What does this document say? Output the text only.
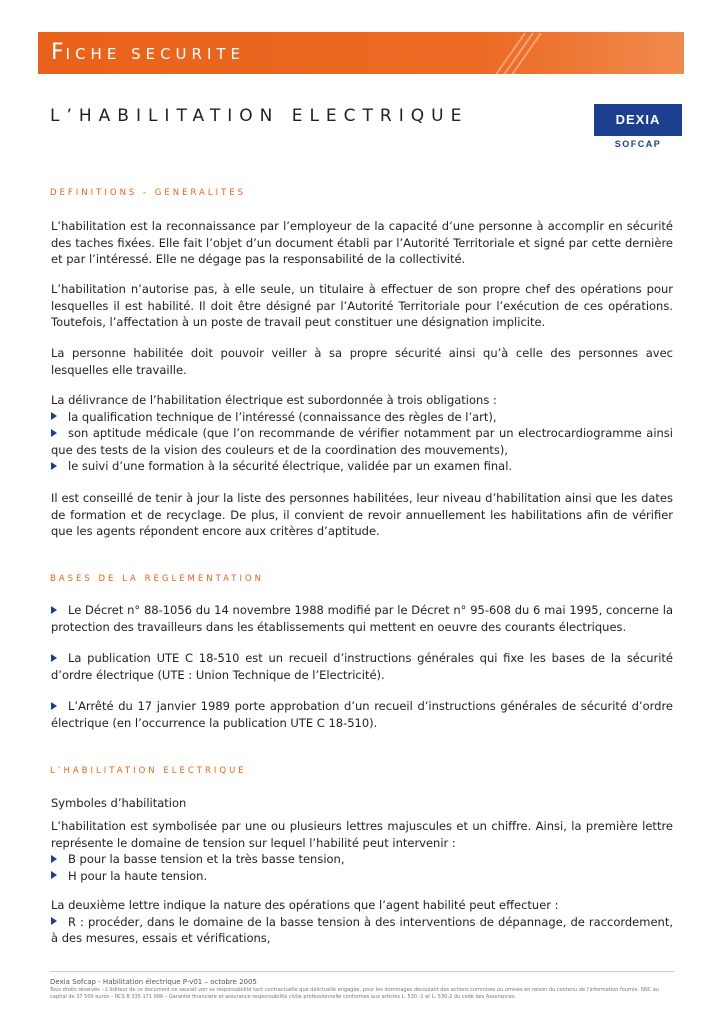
FICHE SECURITE
L’HABILITATION ELECTRIQUE	DEXIA
SOFCAP
DEFINITIONS - GENERALITES

L’habilitation est la reconnaissance par l’employeur de la capacité d’une personne à accomplir en sécurité des taches fixées. Elle fait l’objet d’un document établi par l’Autorité Territoriale et signé par cette dernière et par l’intéressé. Elle ne dégage pas la responsabilité de la collectivité.

L’habilitation n’autorise pas, à elle seule, un titulaire à effectuer de son propre chef des opérations pour lesquelles il est habilité. Il doit être désigné par l’Autorité Territoriale pour l’exécution de ces opérations. Toutefois, l’affectation à un poste de travail peut constituer une désignation implicite.

La personne habilitée doit pouvoir veiller à sa propre sécurité ainsi qu’à celle des personnes avec lesquelles elle travaille.

La délivrance de l’habilitation électrique est subordonnée à trois obligations :
la qualification technique de l’intéressé (connaissance des règles de l’art),
son aptitude médicale (que l’on recommande de vérifier notamment par un electrocardiogramme ainsi que des tests de la vision des couleurs et de la coordination des mouvements),
le suivi d’une formation à la sécurité électrique, validée par un examen final.

Il est conseillé de tenir à jour la liste des personnes habilitées, leur niveau d’habilitation ainsi que les dates de formation et de recyclage. De plus, il convient de revoir annuellement les habilitations afin de vérifier que les agents répondent encore aux critères d’aptitude.

BASES DE LA REGLEMENTATION
Le Décret n° 88-1056 du 14 novembre 1988 modifié par le Décret n° 95-608 du 6 mai 1995, concerne la protection des travailleurs dans les établissements qui mettent en oeuvre des courants électriques.
La publication UTE C 18-510 est un recueil d’instructions générales qui fixe les bases de la sécurité d’ordre électrique (UTE : Union Technique de l’Electricité).
L’Arrêté du 17 janvier 1989 porte approbation d’un recueil d’instructions générales de sécurité d’ordre électrique (en l’occurrence la publication UTE C 18-510).
L’HABILITATION ELECTRIQUE
Symboles d’habilitation
L’habilitation est symbolisée par une ou plusieurs lettres majuscules et un chiffre. Ainsi, la première lettre représente le domaine de tension sur lequel l’habilité peut intervenir :
B pour la basse tension et la très basse tension,
H pour la haute tension.
La deuxième lettre indique la nature des opérations que l’agent habilité peut effectuer :
R : procéder, dans le domaine de la basse tension à des interventions de dépannage, de raccordement, à des mesures, essais et vérifications,
Dexia Sofcap - Habilitation électrique P-v01 – octobre 2005
Tous droits réservés – L’éditeur de ce document ne saurait voir sa responsabilité tant contractuelle que délictuelle engagée, pour les dommages découlant des actions commises ou omises en raison du contenu de l’information fournie. SNC au capital de 37 500 euros – RCS B 335 171 096 – Garantie financière et assurance responsabilité civile professionnelle conformes aux articles L. 530 -1 et L. 530-2 du code des Assurances.
